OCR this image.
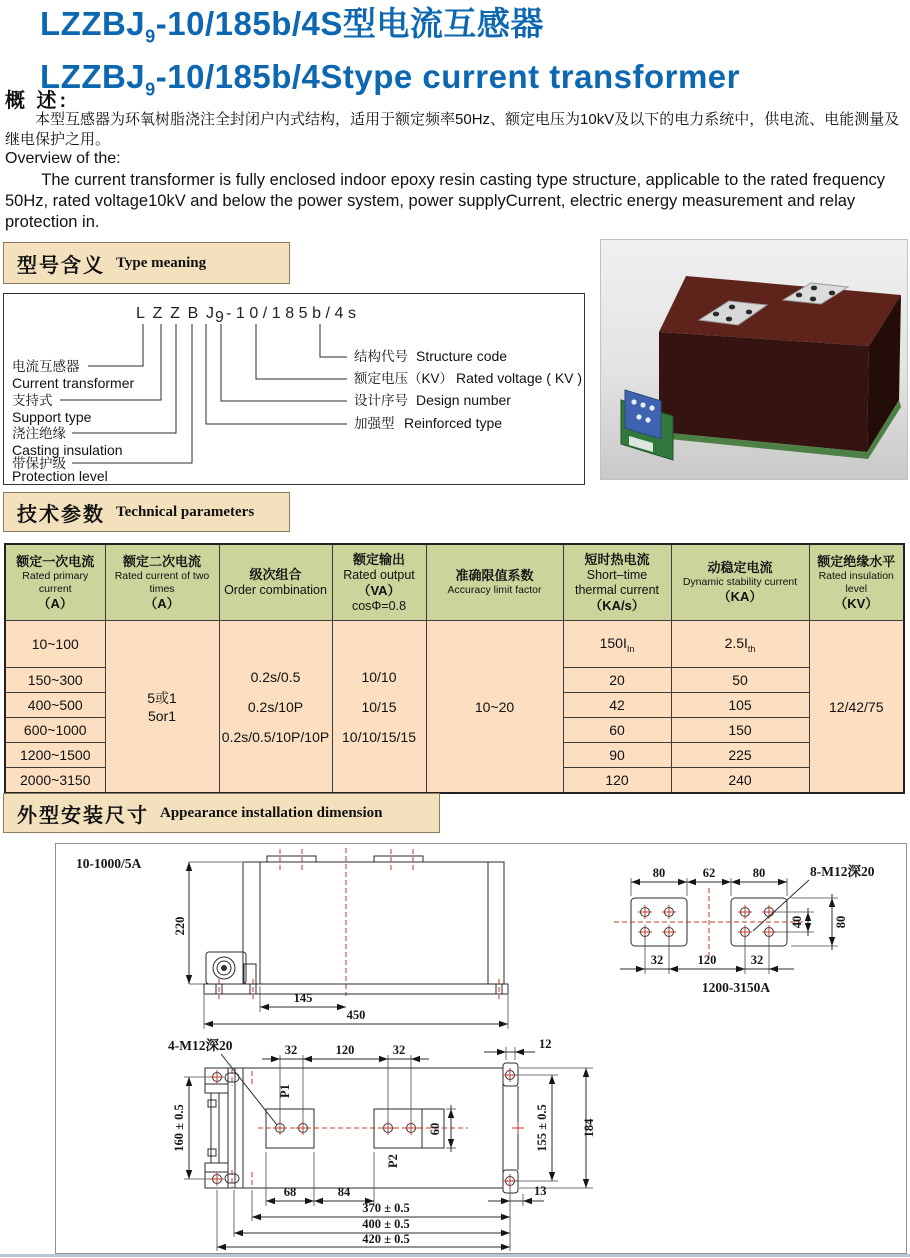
$LZZBJ_9-10/185b/4S$型电流互感器
$LZZBJ_9-10/185b/4Stype$ current transformer
概 述:
本型互感器为环氧树脂浇注全封闭户内式结构，适用于额定频率50Hz、额定电压为10kV及以下的电力系统中，供电流、电能测量及继电保护之用。
Overview of the:
The current transformer is fully enclosed indoor epoxy resin casting type structure, applicable to the rated frequency 50Hz, rated voltage10kV and below the power system, power supplyCurrent, electric energy measurement and relay protection in.
型号含义 Type meaning
LZZBJ 9 -10/185b/4s
电流互感器
Current transformer
支持式
Support type
浇注绝缘
Casting insulation
带保护级
Protection level
结构代号 Structure code
额定电压（KV） Rated voltage ( KV )
设计序号 Design number
加强型 Reinforced type
技术参数 Technical parameters
额定一次电流
Rated primary current
（A）	额定二次电流
Rated current of two times
（A）	级次组合
Order combination	额定输出
Rated output
（VA）
cosΦ=0.8	准确限值系数
Accuracy limit factor	短时热电流
Short–time
thermal current
（KA/s）	动稳定电流
Dynamic stability current
（KA）	额定绝缘水平
Rated insulation level
（KV）

10~100	5或1
5or1	0.2s/0.5
0.2s/10P
0.2s/0.5/10P/10P	10/10
10/15
10/10/15/15	10~20	$150I_{In}$	$2.5I_{th}$	12/42/75
150~300					20	50	
400~500					42	105	
600~1000					60	150	
1200~1500					90	225	
2000~3150					120	240	
外型安装尺寸 Appearance installation dimension
10-1000/5A
220
145
450
80	62	80	8-M12深20
40 80
32	120	32
1200-3150A
4-M12深20
160 ± 0.5
P1
P2
32	120	32
60
12
155 ± 0.5	184
68	84	13
370 ± 0.5
400 ± 0.5
420 ± 0.5
